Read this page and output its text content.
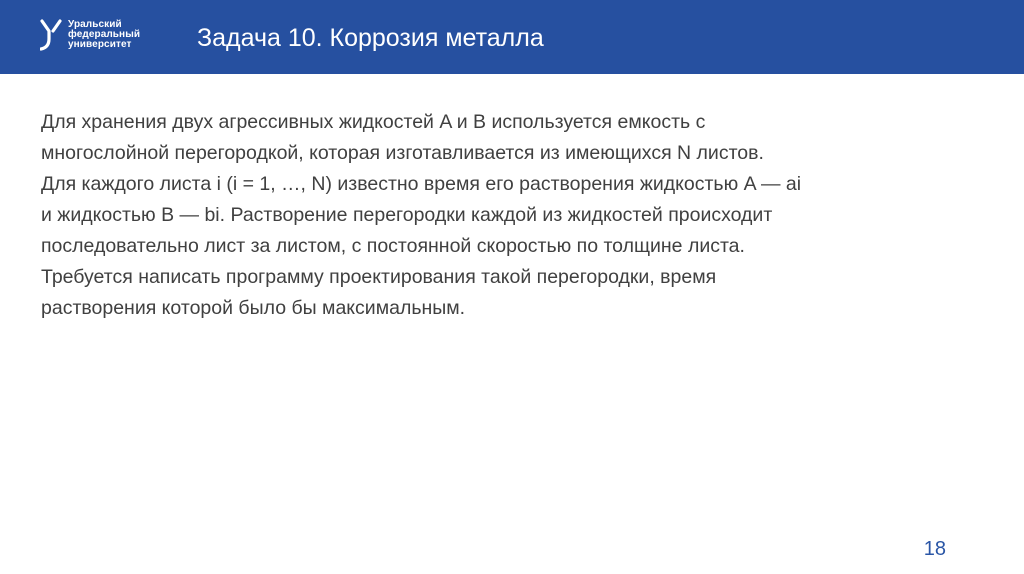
Уральский
федеральный
университет	Задача 10. Коррозия металла

Для хранения двух агрессивных жидкостей A и B используется емкость с
многослойной перегородкой, которая изготавливается из имеющихся N листов.
Для каждого листа i (i = 1, …, N) известно время его растворения жидкостью A — ai
и жидкостью B — bi. Растворение перегородки каждой из жидкостей происходит
последовательно лист за листом, с постоянной скоростью по толщине листа.
Требуется написать программу проектирования такой перегородки, время
растворения которой было бы максимальным.

18
